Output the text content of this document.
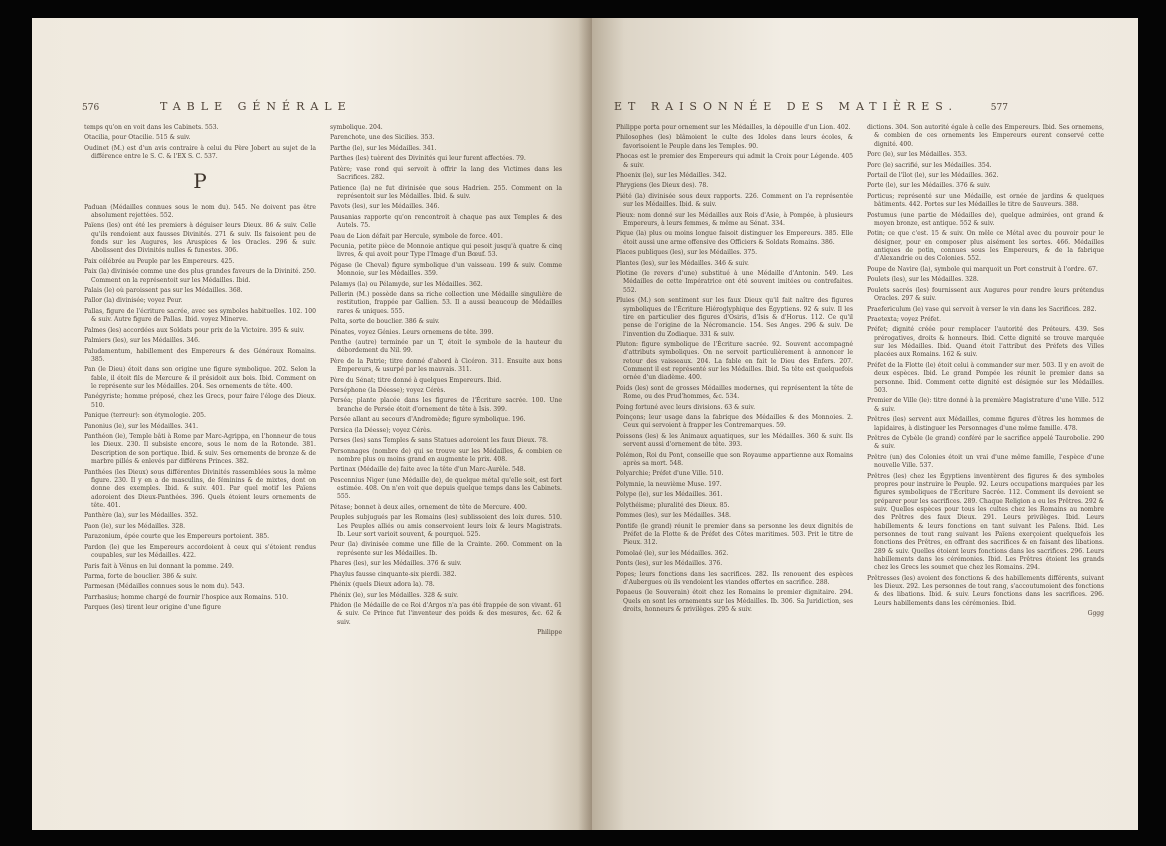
576	TABLE GÉNÉRALE

temps qu'on en voit dans les Cabinets. 553.

Otacilia, pour Otacilie. 515 & suiv.

Oudinet (M.) est d'un avis contraire à celui du Père Jobert au sujet de la différence entre le S. C. & l'EX S. C. 537.

P

Paduan (Médailles connues sous le nom du). 545. Ne doivent pas être absolument rejettées. 552.

Païens (les) ont été les premiers à déguiser leurs Dieux. 86 & suiv. Celle qu'ils rendoient aux fausses Divinités. 271 & suiv. Ils faisoient peu de fonds sur les Augures, les Aruspices & les Oracles. 296 & suiv. Abolissent des Divinités nulles & funestes. 306.

Paix célébrée au Peuple par les Empereurs. 425.

Paix (la) divinisée comme une des plus grandes faveurs de la Divinité. 250. Comment on la représentoit sur les Médailles. Ibid.

Palais (le) où paroissent pas sur les Médailles. 368.

Pallor (la) divinisée; voyez Peur.

Pallas, figure de l'écriture sacrée, avec ses symboles habituelles. 102. 100 & suiv. Autre figure de Pallas. Ibid. voyez Minerve.

Palmes (les) accordées aux Soldats pour prix de la Victoire. 395 & suiv.

Palmiers (les), sur les Médailles. 346.

Paludamentum, habillement des Empereurs & des Généraux Romains. 385.

Pan (le Dieu) étoit dans son origine une figure symbolique. 202. Selon la fable, il étoit fils de Mercure & il présidoit aux bois. Ibid. Comment on le représente sur les Médailles. 204. Ses ornements de tête. 400.

Panégyriste; homme préposé, chez les Grecs, pour faire l'éloge des Dieux. 510.

Panique (terreur): son étymologie. 205.

Panonius (le), sur les Médailles. 341.

Panthéon (le), Temple bâti à Rome par Marc-Agrippa, en l'honneur de tous les Dieux. 230. Il subsiste encore, sous le nom de la Rotonde. 381. Description de son portique. Ibid. & suiv. Ses ornements de bronze & de marbre pillés & enlevés par différens Princes. 382.

Panthées (les Dieux) sous différentes Divinités rassemblées sous la même figure. 230. Il y en a de masculins, de féminins & de mixtes, dont on donne des exemples. Ibid. & suiv. 401. Par quel motif les Païens adoroient des Dieux-Panthées. 396. Quels étoient leurs ornements de tête. 401.

Panthère (la), sur les Médailles. 352.

Paon (le), sur les Médailles. 328.

Parazonium, épée courte que les Empereurs portoient. 385.

Pardon (le) que les Empereurs accordoient à ceux qui s'étoient rendus coupables, sur les Médailles. 422.

Paris fait à Vénus en lui donnant la pomme. 249.

Parma, forte de bouclier. 386 & suiv.

Parmesan (Médailles connues sous le nom du). 543.

Parrhasius; homme chargé de fournir l'hospice aux Romains. 510.

Parques (les) tirent leur origine d'une figure

symbolique. 204.

Parenchote, une des Sicilies. 353.

Parthe (le), sur les Médailles. 341.

Parthes (les) tuèrent des Divinités qui leur furent affectées. 79.

Patère; vase rond qui servoit à offrir la lang des Victimes dans les Sacrifices. 282.

Patience (la) ne fut divinisée que sous Hadrien. 255. Comment on la représentoit sur les Médailles. Ibid. & suiv.

Pavots (les), sur les Médailles. 346.

Pausanias rapporte qu'on rencontroit à chaque pas aux Temples & des Autels. 75.

Peau de Lion défait par Hercule, symbole de force. 401.

Pecunia, petite pièce de Monnoie antique qui pesoit jusqu'à quatre & cinq livres, & qui avoit pour Type l'Image d'un Bœuf. 53.

Pégase (le Cheval) figure symbolique d'un vaisseau. 199 & suiv. Comme Monnoie, sur les Médailles. 359.

Pelamys (la) ou Pélamyde, sur les Médailles. 362.

Pellerin (M.) possède dans sa riche collection une Médaille singulière de restitution, frappée par Gallien. 53. Il a aussi beaucoup de Médailles rares & uniques. 555.

Pelta, sorte de bouclier. 386 & suiv.

Pénates, voyez Génies. Leurs ornemens de tête. 399.

Penthe (autre) terminée par un T, étoit le symbole de la hauteur du débordement du Nil. 99.

Père de la Patrie; titre donné d'abord à Cicéron. 311. Ensuite aux bons Empereurs, & usurpé par les mauvais. 311.

Père du Sénat; titre donné à quelques Empereurs. Ibid.

Perséphone (la Déesse); voyez Cérès.

Perséa; plante placée dans les figures de l'Écriture sacrée. 100. Une branche de Persée étoit d'ornement de tête à Isis. 399.

Persée allant au secours d'Andromède; figure symbolique. 196.

Persica (la Déesse); voyez Cérès.

Perses (les) sans Temples & sans Statues adoroient les faux Dieux. 78.

Personnages (nombre de) qui se trouve sur les Médailles, & combien ce nombre plus ou moins grand en augmente le prix. 408.

Pertinax (Médaille de) faite avec la tête d'un Marc-Aurèle. 548.

Pescennius Niger (une Médaille de), de quelque métal qu'elle soit, est fort estimée. 408. On n'en voit que depuis quelque temps dans les Cabinets. 555.

Pétase; bonnet à deux ailes, ornement de tête de Mercure. 400.

Peuples subjugués par les Romains (les) sublissoient des loix dures. 510. Les Peuples alliés ou amis conservoient leurs loix & leurs Magistrats. Ib. Leur sort varioit souvent, & pourquoi. 525.

Peur (la) divinisée comme une fille de la Crainte. 260. Comment on la représente sur les Médailles. Ib.

Phares (les), sur les Médailles. 376 & suiv.

Phaylus fausse cinquante-six pierdi. 382.

Phénix (quels Dieux adora la). 78.

Phénix (le), sur les Médailles. 328 & suiv.

Phidon (le Médaille de ce Roi d'Argos n'a pas été frappée de son vivant. 61 & suiv. Ce Prince fut l'inventeur des poids & des mesures, &c. 62 & suiv.

Philippe
ET RAISONNÉE DES MATIÈRES.	577

Philippe porta pour ornement sur les Médailles, la dépouille d'un Lion. 402.

Philosophes (les) blâmoient le culte des Idoles dans leurs écoles, & favorisoient le Peuple dans les Temples. 90.

Phocas est le premier des Empereurs qui admit la Croix pour Légende. 405 & suiv.

Phoenix (le), sur les Médailles. 342.

Phrygiens (les Dieux des). 78.

Piété (la) divinisée sous deux rapports. 226. Comment on l'a représentée sur les Médailles. Ibid. & suiv.

Pieux: nom donné sur les Médailles aux Rois d'Asie, à Pompée, à plusieurs Empereurs, à leurs femmes, & même au Sénat. 334.

Pique (la) plus ou moins longue faisoit distinguer les Empereurs. 385. Elle étoit aussi une arme offensive des Officiers & Soldats Romains. 386.

Places publiques (les), sur les Médailles. 375.

Plantes (les), sur les Médailles. 346 & suiv.

Plotine (le revers d'une) substitué à une Médaille d'Antonin. 549. Les Médailles de cette Impératrice ont été souvent imitées ou contrefaites. 552.

Pluies (M.) son sentiment sur les faux Dieux qu'il fait naître des figures symboliques de l'Écriture Hiéroglyphique des Égyptiens. 92 & suiv. Il les tire en particulier des figures d'Osiris, d'Isis & d'Horus. 112. Ce qu'il pense de l'origine de la Nécromancie. 154. Ses Anges. 296 & suiv. De l'invention du Zodiaque. 331 & suiv.

Pluton: figure symbolique de l'Écriture sacrée. 92. Souvent accompagné d'attributs symboliques. On ne servoit particulièrement à annoncer le retour des vaisseaux. 204. La fable en fait le Dieu des Enfers. 207. Comment il est représenté sur les Médailles. Ibid. Sa tête est quelquefois ornée d'un diadème. 400.

Poids (les) sont de grosses Médailles modernes, qui représentent la tête de Rome, ou des Prud'hommes, &c. 534.

Poing fortuné avec leurs divisions. 63 & suiv.

Poinçons; leur usage dans la fabrique des Médailles & des Monnoies. 2. Ceux qui servoient à frapper les Contremarques. 59.

Poissons (les) & les Animaux aquatiques, sur les Médailles. 360 & suiv. Ils servent aussi d'ornement de tête. 393.

Polémon, Roi du Pont, conseille que son Royaume appartienne aux Romains après sa mort. 548.

Polyarchie; Préfet d'une Ville. 510.

Polymnie, la neuvième Muse. 197.

Polype (le), sur les Médailles. 361.

Polythéisme; pluralité des Dieux. 85.

Pommes (les), sur les Médailles. 348.

Pontife (le grand) réunit le premier dans sa personne les deux dignités de Préfet de la Flotte & de Préfet des Côtes maritimes. 503. Prit le titre de Pieux. 312.

Pomolaé (le), sur les Médailles. 362.

Ponts (les), sur les Médailles. 376.

Popes; leurs fonctions dans les sacrifices. 282. Ils renouent des espèces d'Aubergues où ils vendoient les viandes offertes en sacrifice. 288.

Popaeus (le Souverain) étoit chez les Romains le premier dignitaire. 294. Quels en sont les ornements sur les Médailles. Ib. 306. Sa Juridiction, ses droits, honneurs & privilèges. 295 & suiv.

dictions. 304. Son autorité égale à celle des Empereurs. Ibid. Ses ornemens, & combien de ces ornements les Empereurs eurent conservé cette dignité. 400.

Porc (le), sur les Médailles. 353.

Porc (le) sacrifié, sur les Médailles. 354.

Portail de l'îlot (le), sur les Médailles. 362.

Porte (le), sur les Médailles. 376 & suiv.

Porticus; représenté sur une Médaille, est ornée de jardins & quelques bâtiments. 442. Portes sur les Médailles le titre de Sauveurs. 388.

Postumus (une partie de Médailles de), quelque admirées, ont grand & moyen bronze, est antique. 552 & suiv.

Potin; ce que c'est. 15 & suiv. On mêle ce Métal avec du pouvoir pour le désigner, pour en composer plus aisément les sortes. 466. Médailles antiques de potin, connues sous les Empereurs, & de la fabrique d'Alexandrie ou des Colonies. 552.

Poupe de Navire (la), symbole qui marquoit un Port construit à l'ordre. 67.

Poulets (les), sur les Médailles. 328.

Poulets sacrés (les) fournissent aux Augures pour rendre leurs prétendus Oracles. 297 & suiv.

Praefericulum (le) vase qui servoit à verser le vin dans les Sacrifices. 282.

Praetexta; voyez Préfet.

Préfet; dignité créée pour remplacer l'autorité des Préteurs. 439. Ses prérogatives, droits & honneurs. Ibid. Cette dignité se trouve marquée sur les Médailles. Ibid. Quand étoit l'attribut des Préfets des Villes placées aux Romains. 162 & suiv.

Préfet de la Flotte (le) étoit celui à commander sur mer. 503. Il y en avoit de deux espèces. Ibid. Le grand Pompée les réunit le premier dans sa personne. Ibid. Comment cette dignité est désignée sur les Médailles. 503.

Premier de Ville (le): titre donné à la première Magistrature d'une Ville. 512 & suiv.

Prêtres (les) servent aux Médailles, comme figures d'êtres les hommes de lapidaires, à distinguer les Personnages d'une même famille. 478.

Prêtres de Cybèle (le grand) conféré par le sacrifice appelé Taurobolie. 290 & suiv.

Prêtre (un) des Colonies étoit un vrai d'une même famille, l'espèce d'une nouvelle Ville. 537.

Prêtres (les) chez les Égyptiens inventèrent des figures & des symboles propres pour instruire le Peuple. 92. Leurs occupations marquées par les figures symboliques de l'Écriture Sacrée. 112. Comment ils devoient se préparer pour les sacrifices. 289. Chaque Religion a eu les Prêtres. 292 & suiv. Quelles espèces pour tous les cultes chez les Romains au nombre des Prêtres des faux Dieux. 291. Leurs privilèges. Ibid. Leurs habillements & leurs fonctions en tant suivant les Païens. Ibid. Les personnes de tout rang suivant les Païens exerçoient quelquefois les fonctions des Prêtres, en offrant des sacrifices & en faisant des libations. 289 & suiv. Quelles étoient leurs fonctions dans les sacrifices. 296. Leurs habillements dans les cérémonies. Ibid. Les Prêtres étoient les grands chez les Grecs les soumet que chez les Romains. 294.

Prêtresses (les) avoient des fonctions & des habillements différents, suivant les Dieux. 292. Les personnes de tout rang, s'accoutumoient des fonctions & des libations. Ibid. & suiv. Leurs fonctions dans les sacrifices. 296. Leurs habillements dans les cérémonies. Ibid.

Gggg
